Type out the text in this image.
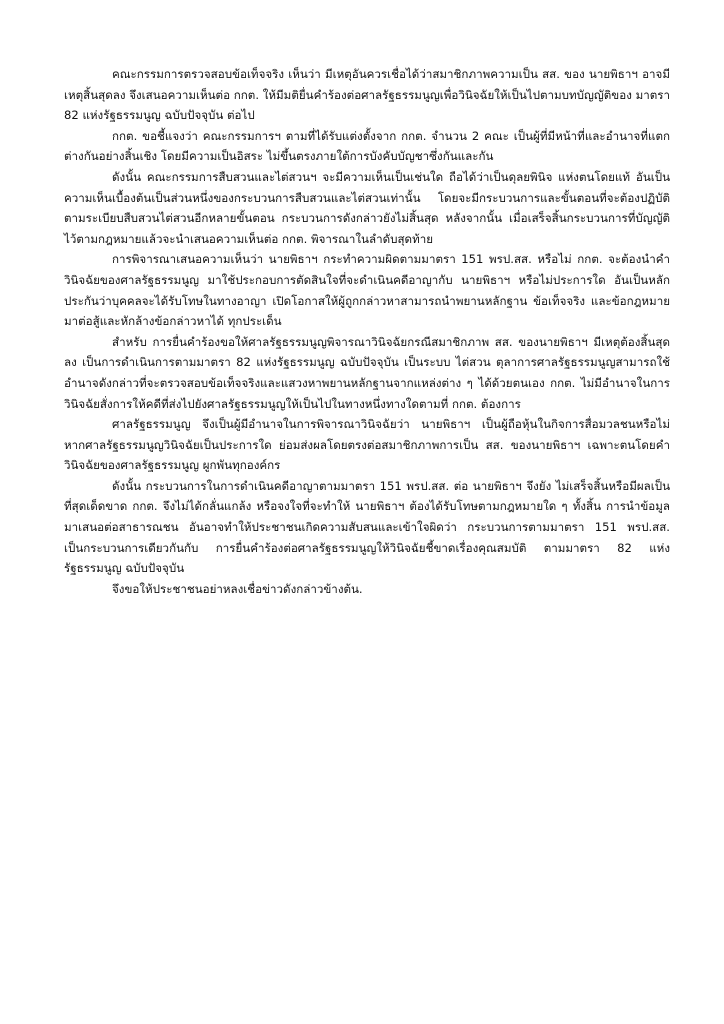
คณะกรรมการตรวจสอบข้อเท็จจริง เห็นว่า มีเหตุอันควรเชื่อได้ว่าสมาชิกภาพความเป็น สส. ของ นายพิธาฯ อาจมีเหตุสิ้นสุดลง จึงเสนอความเห็นต่อ กกต. ให้มีมติยื่นคำร้องต่อศาลรัฐธรรมนูญเพื่อวินิจฉัยให้เป็นไปตามบทบัญญัติของ มาตรา 82 แห่งรัฐธรรมนูญ ฉบับปัจจุบัน ต่อไป

กกต. ขอชี้แจงว่า คณะกรรมการฯ ตามที่ได้รับแต่งตั้งจาก กกต. จำนวน 2 คณะ เป็นผู้ที่มีหน้าที่และอำนาจที่แตกต่างกันอย่างสิ้นเชิง โดยมีความเป็นอิสระ ไม่ขึ้นตรงภายใต้การบังคับบัญชาซึ่งกันและกัน

ดังนั้น คณะกรรมการสืบสวนและไต่สวนฯ จะมีความเห็นเป็นเช่นใด ถือได้ว่าเป็นดุลยพินิจ แห่งตนโดยแท้ อันเป็นความเห็นเบื้องต้นเป็นส่วนหนึ่งของกระบวนการสืบสวนและไต่สวนเท่านั้น โดยจะมีกระบวนการและขั้นตอนที่จะต้องปฏิบัติตามระเบียบสืบสวนไต่สวนอีกหลายขั้นตอน กระบวนการดังกล่าวยังไม่สิ้นสุด หลังจากนั้น เมื่อเสร็จสิ้นกระบวนการที่บัญญัติไว้ตามกฎหมายแล้วจะนำเสนอความเห็นต่อ กกต. พิจารณาในลำดับสุดท้าย

การพิจารณาเสนอความเห็นว่า นายพิธาฯ กระทำความผิดตามมาตรา 151 พรป.สส. หรือไม่ กกต. จะต้องนำคำวินิจฉัยของศาลรัฐธรรมนูญ มาใช้ประกอบการตัดสินใจที่จะดำเนินคดีอาญากับ นายพิธาฯ หรือไม่ประการใด อันเป็นหลักประกันว่าบุคคลจะได้รับโทษในทางอาญา เปิดโอกาสให้ผู้ถูกกล่าวหาสามารถนำพยานหลักฐาน ข้อเท็จจริง และข้อกฎหมาย มาต่อสู้และหักล้างข้อกล่าวหาได้ ทุกประเด็น

สำหรับ การยื่นคำร้องขอให้ศาลรัฐธรรมนูญพิจารณาวินิจฉัยกรณีสมาชิกภาพ สส. ของนายพิธาฯ มีเหตุต้องสิ้นสุดลง เป็นการดำเนินการตามมาตรา 82 แห่งรัฐธรรมนูญ ฉบับปัจจุบัน เป็นระบบ ไต่สวน ตุลาการศาลรัฐธรรมนูญสามารถใช้อำนาจดังกล่าวที่จะตรวจสอบข้อเท็จจริงและแสวงหาพยานหลักฐานจากแหล่งต่าง ๆ ได้ด้วยตนเอง กกต. ไม่มีอำนาจในการวินิจฉัยสั่งการให้คดีที่ส่งไปยังศาลรัฐธรรมนูญให้เป็นไปในทางหนึ่งทางใดตามที่ กกต. ต้องการ

ศาลรัฐธรรมนูญ จึงเป็นผู้มีอำนาจในการพิจารณาวินิจฉัยว่า นายพิธาฯ เป็นผู้ถือหุ้นในกิจการสื่อมวลชนหรือไม่ หากศาลรัฐธรรมนูญวินิจฉัยเป็นประการใด ย่อมส่งผลโดยตรงต่อสมาชิกภาพการเป็น สส. ของนายพิธาฯ เฉพาะตนโดยคำวินิจฉัยของศาลรัฐธรรมนูญ ผูกพันทุกองค์กร

ดังนั้น กระบวนการในการดำเนินคดีอาญาตามมาตรา 151 พรป.สส. ต่อ นายพิธาฯ จึงยัง ไม่เสร็จสิ้นหรือมีผลเป็นที่สุดเด็ดขาด กกต. จึงไม่ได้กลั่นแกล้ง หรือจงใจที่จะทำให้ นายพิธาฯ ต้องได้รับโทษตามกฎหมายใด ๆ ทั้งสิ้น การนำข้อมูลมาเสนอต่อสาธารณชน อันอาจทำให้ประชาชนเกิดความสับสนและเข้าใจผิดว่า กระบวนการตามมาตรา 151 พรป.สส. เป็นกระบวนการเดียวกันกับ การยื่นคำร้องต่อศาลรัฐธรรมนูญให้วินิจฉัยชี้ขาดเรื่องคุณสมบัติ ตามมาตรา 82 แห่งรัฐธรรมนูญ ฉบับปัจจุบัน

จึงขอให้ประชาชนอย่าหลงเชื่อข่าวดังกล่าวข้างต้น.
